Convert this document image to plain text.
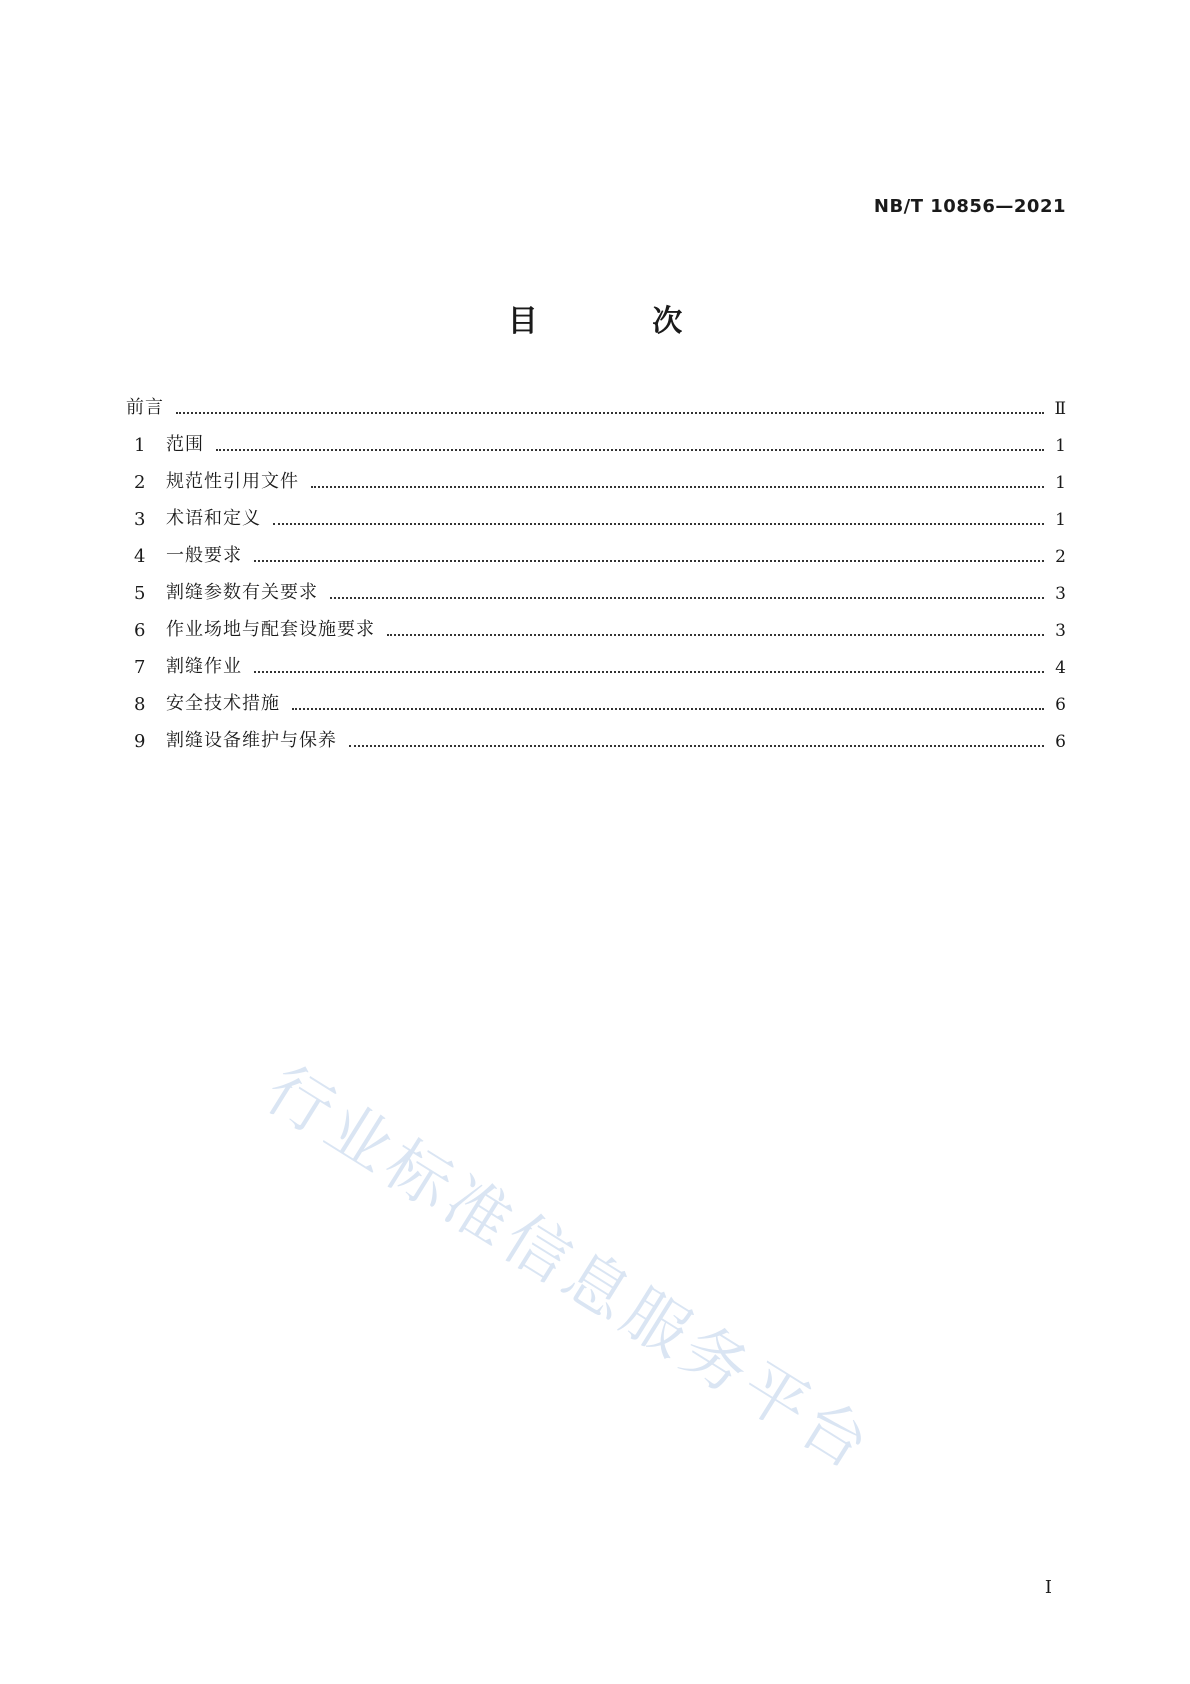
NB/T 10856—2021
目 次
前言	Ⅱ
1	范围	1
2	规范性引用文件	1
3	术语和定义	1
4	一般要求	2
5	割缝参数有关要求	3
6	作业场地与配套设施要求	3
7	割缝作业	4
8	安全技术措施	6
9	割缝设备维护与保养	6
行业标准信息服务平台
Ⅰ
